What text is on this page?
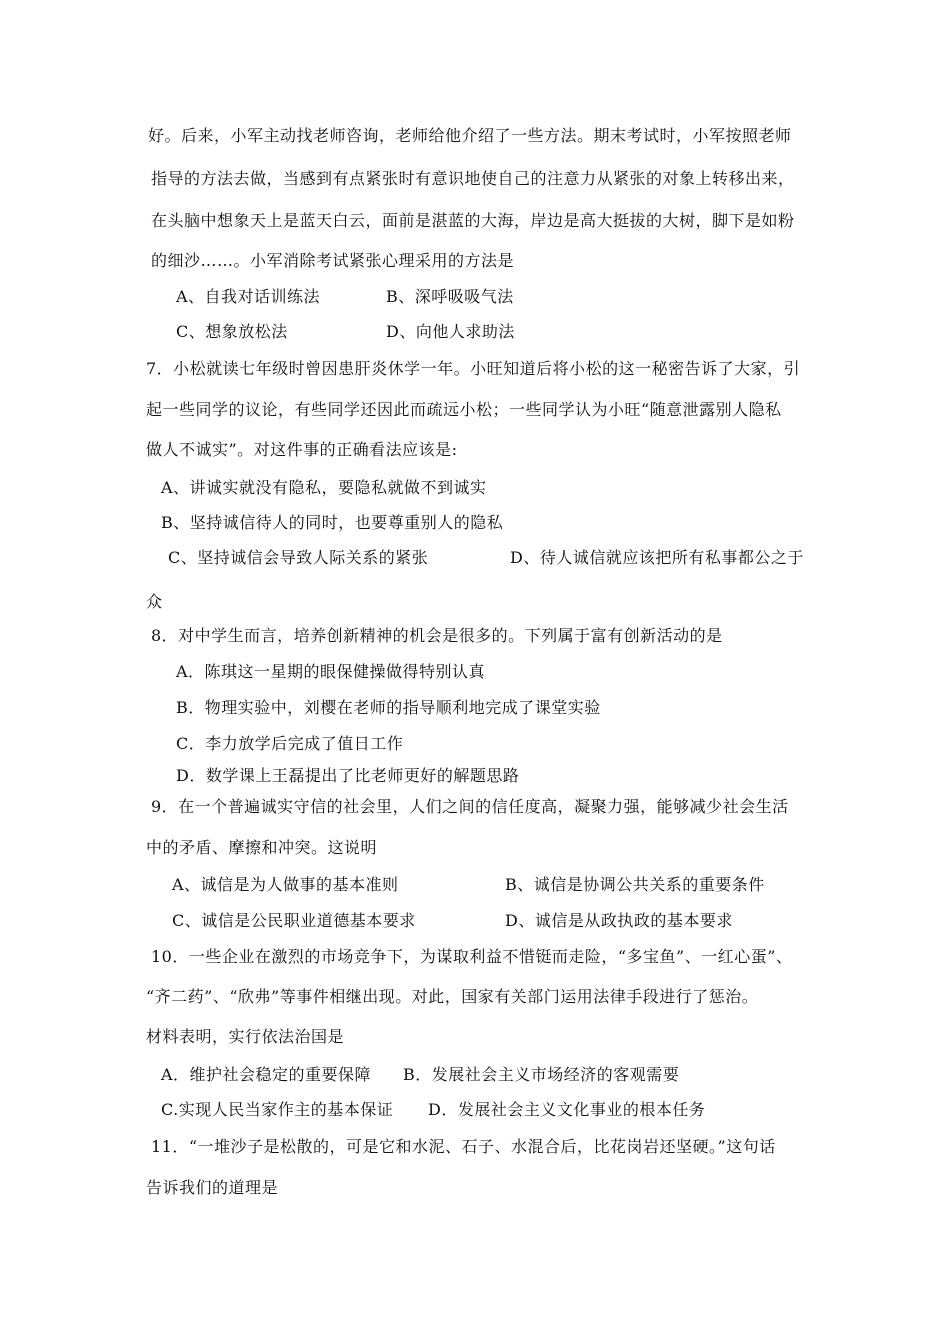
好。后来，小军主动找老师咨询，老师给他介绍了一些方法。期末考试时，小军按照老师
指导的方法去做，当感到有点紧张时有意识地使自己的注意力从紧张的对象上转移出来，
在头脑中想象天上是蓝天白云，面前是湛蓝的大海，岸边是高大挺拔的大树，脚下是如粉
的细沙……。小军消除考试紧张心理采用的方法是
A、自我对话训练法	B、深呼吸吸气法
C、想象放松法	D、向他人求助法
7．小松就读七年级时曾因患肝炎休学一年。小旺知道后将小松的这一秘密告诉了大家，引
起一些同学的议论，有些同学还因此而疏远小松；一些同学认为小旺“随意泄露别人隐私
做人不诚实”。对这件事的正确看法应该是:
A、讲诚实就没有隐私，要隐私就做不到诚实
B、坚持诚信待人的同时，也要尊重别人的隐私
C、坚持诚信会导致人际关系的紧张	D、待人诚信就应该把所有私事都公之于
众
8．对中学生而言，培养创新精神的机会是很多的。下列属于富有创新活动的是
A．陈琪这一星期的眼保健操做得特别认真
B．物理实验中，刘樱在老师的指导顺利地完成了课堂实验
C．李力放学后完成了值日工作
D．数学课上王磊提出了比老师更好的解题思路
9．在一个普遍诚实守信的社会里，人们之间的信任度高，凝聚力强，能够减少社会生活
中的矛盾、摩擦和冲突。这说明
A、诚信是为人做事的基本准则	B、诚信是协调公共关系的重要条件
C、诚信是公民职业道德基本要求	D、诚信是从政执政的基本要求
10．一些企业在激烈的市场竞争下，为谋取利益不惜铤而走险，“多宝鱼”、一红心蛋”、
“齐二药”、“欣弗”等事件相继出现。对此，国家有关部门运用法律手段进行了惩治。
材料表明，实行依法治国是
A．维护社会稳定的重要保障 B．发展社会主义市场经济的客观需要
C.实现人民当家作主的基本保证 D．发展社会主义文化事业的根本任务
11．“一堆沙子是松散的，可是它和水泥、石子、水混合后，比花岗岩还坚硬。”这句话
告诉我们的道理是
